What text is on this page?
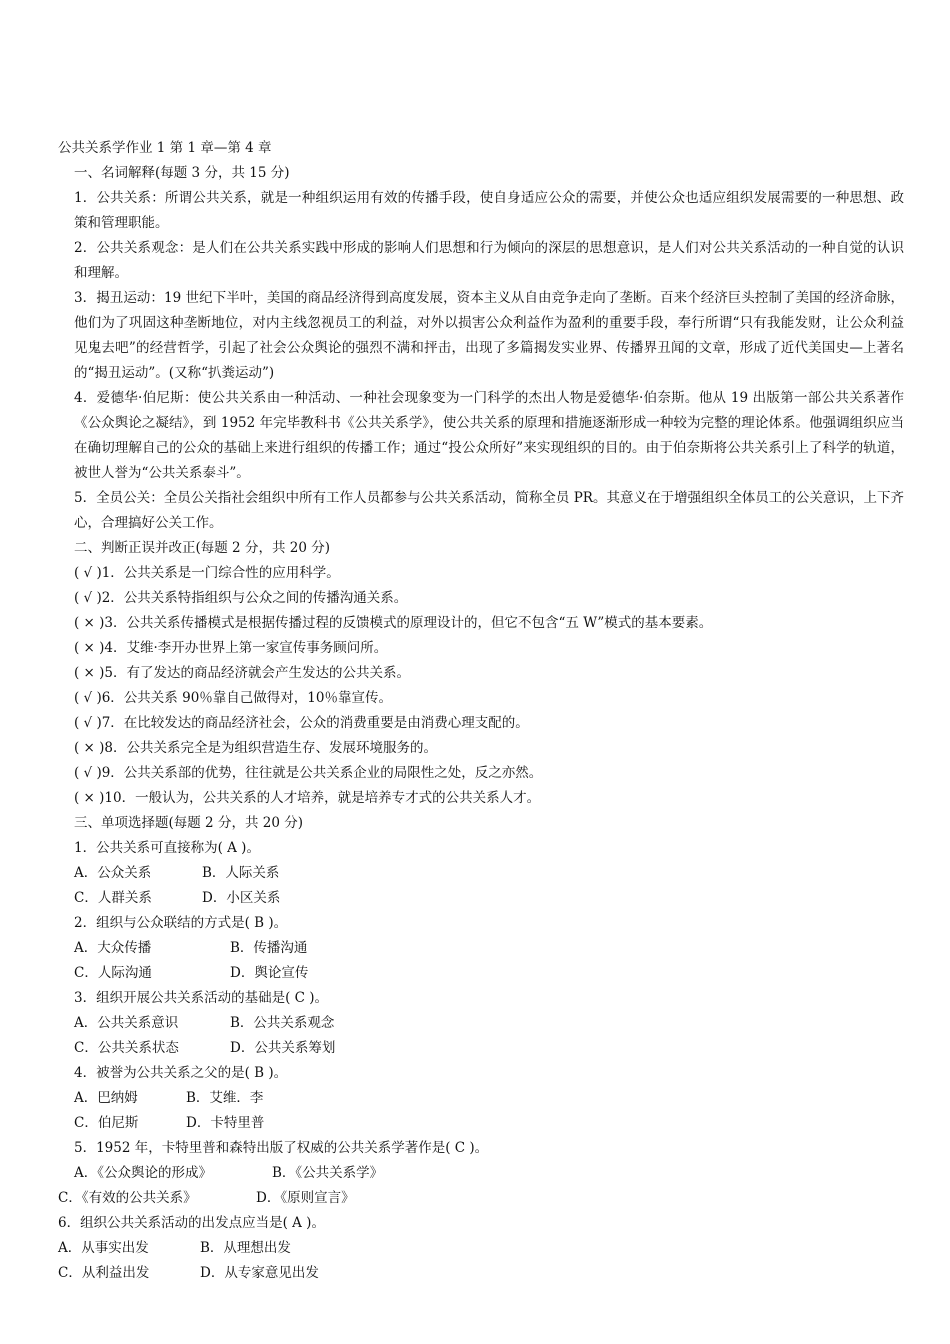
公共关系学作业 1 第 1 章—第 4 章

一、名词解释(每题 3 分，共 15 分)

1．公共关系：所谓公共关系，就是一种组织运用有效的传播手段，使自身适应公众的需要，并使公众也适应组织发展需要的一种思想、政策和管理职能。

2．公共关系观念：是人们在公共关系实践中形成的影响人们思想和行为倾向的深层的思想意识，是人们对公共关系活动的一种自觉的认识和理解。

3．揭丑运动：19 世纪下半叶，美国的商品经济得到高度发展，资本主义从自由竞争走向了垄断。百来个经济巨头控制了美国的经济命脉，他们为了巩固这种垄断地位，对内主线忽视员工的利益，对外以损害公众利益作为盈利的重要手段，奉行所谓“只有我能发财，让公众利益见鬼去吧”的经营哲学，引起了社会公众舆论的强烈不满和抨击，出现了多篇揭发实业界、传播界丑闻的文章，形成了近代美国史—上著名的“揭丑运动”。(又称“扒粪运动”)

4．爱德华·伯尼斯：使公共关系由一种活动、一种社会现象变为一门科学的杰出人物是爱德华·伯奈斯。他从 19 出版第一部公共关系著作《公众舆论之凝结》，到 1952 年完毕教科书《公共关系学》，使公共关系的原理和措施逐渐形成一种较为完整的理论体系。他强调组织应当在确切理解自己的公众的基础上来进行组织的传播工作；通过“投公众所好”来实现组织的目的。由于伯奈斯将公共关系引上了科学的轨道，被世人誉为“公共关系泰斗”。

5．全员公关：全员公关指社会组织中所有工作人员都参与公共关系活动，简称全员 PR。其意义在于增强组织全体员工的公关意识，上下齐心，合理搞好公关工作。

二、判断正误并改正(每题 2 分，共 20 分)

( √ )1．公共关系是一门综合性的应用科学。

( √ )2．公共关系特指组织与公众之间的传播沟通关系。

( × )3．公共关系传播模式是根据传播过程的反馈模式的原理设计的，但它不包含“五 W”模式的基本要素。

( × )4．艾维·李开办世界上第一家宣传事务顾问所。

( × )5．有了发达的商品经济就会产生发达的公共关系。

( √ )6．公共关系 90％靠自己做得对，10％靠宣传。

( √ )7．在比较发达的商品经济社会，公众的消费重要是由消费心理支配的。

( × )8．公共关系完全是为组织营造生存、发展环境服务的。

( √ )9．公共关系部的优势，往往就是公共关系企业的局限性之处，反之亦然。

( × )10．一般认为，公共关系的人才培养，就是培养专才式的公共关系人才。

三、单项选择题(每题 2 分，共 20 分)

1．公共关系可直接称为( A )。

A．公众关系	B．人际关系

C．人群关系	D．小区关系

2．组织与公众联结的方式是( B )。

A．大众传播	B．传播沟通

C．人际沟通	D．舆论宣传

3．组织开展公共关系活动的基础是( C )。

A．公共关系意识	B．公共关系观念

C．公共关系状态	D．公共关系筹划

4．被誉为公共关系之父的是( B )。

A．巴纳姆	B．艾维．李

C．伯尼斯	D．卡特里普

5．1952 年，卡特里普和森特出版了权威的公共关系学著作是( C )。

A．《公众舆论的形成》	B．《公共关系学》

C．《有效的公共关系》	D．《原则宣言》

6．组织公共关系活动的出发点应当是( A )。

A．从事实出发	B．从理想出发

C．从利益出发	D．从专家意见出发
